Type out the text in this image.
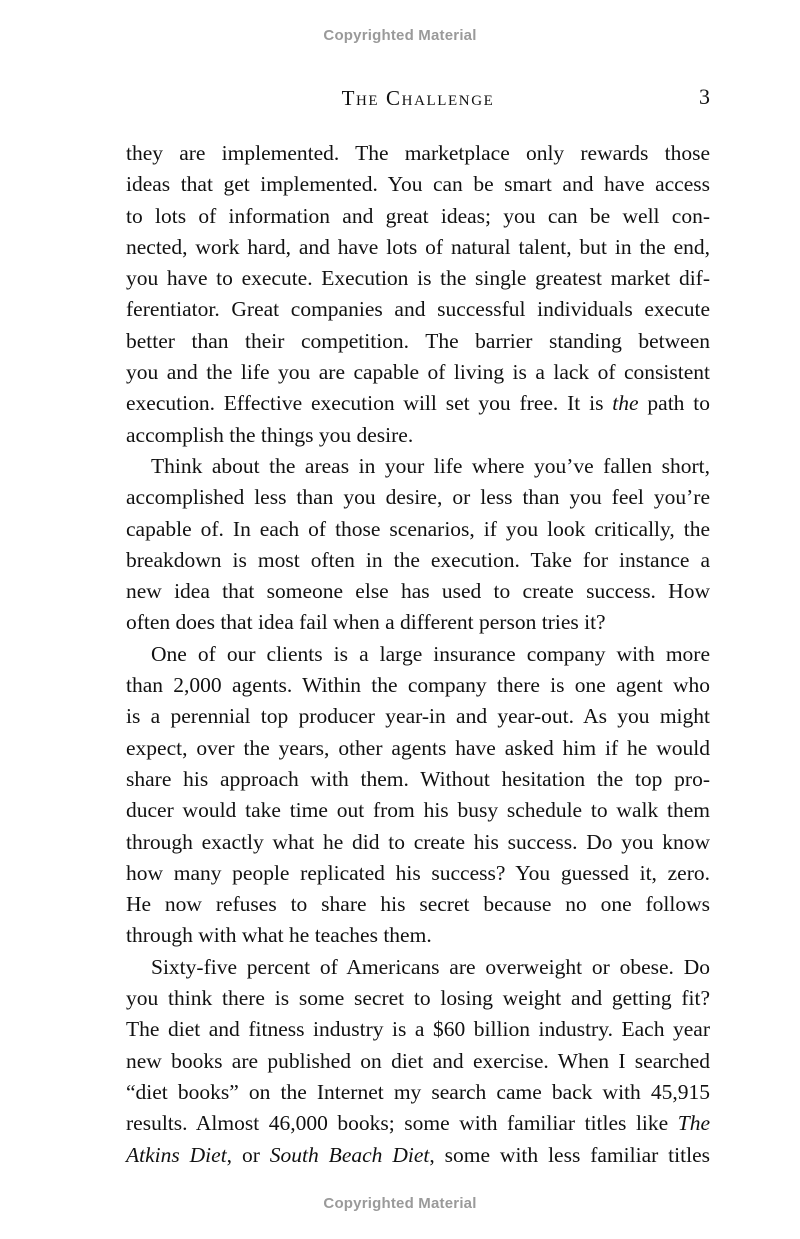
Copyrighted Material
The Challenge	3

they are implemented. The marketplace only rewards those
ideas that get implemented. You can be smart and have access
to lots of information and great ideas; you can be well con-
nected, work hard, and have lots of natural talent, but in the end,
you have to execute. Execution is the single greatest market dif-
ferentiator. Great companies and successful individuals execute
better than their competition. The barrier standing between
you and the life you are capable of living is a lack of consistent
execution. Effective execution will set you free. It is the path to
accomplish the things you desire.

Think about the areas in your life where you’ve fallen short,
accomplished less than you desire, or less than you feel you’re
capable of. In each of those scenarios, if you look critically, the
breakdown is most often in the execution. Take for instance a
new idea that someone else has used to create success. How
often does that idea fail when a different person tries it?

One of our clients is a large insurance company with more
than 2,000 agents. Within the company there is one agent who
is a perennial top producer year-in and year-out. As you might
expect, over the years, other agents have asked him if he would
share his approach with them. Without hesitation the top pro-
ducer would take time out from his busy schedule to walk them
through exactly what he did to create his success. Do you know
how many people replicated his success? You guessed it, zero.
He now refuses to share his secret because no one follows
through with what he teaches them.

Sixty-five percent of Americans are overweight or obese. Do
you think there is some secret to losing weight and getting fit?
The diet and fitness industry is a $60 billion industry. Each year
new books are published on diet and exercise. When I searched
“diet books” on the Internet my search came back with 45,915
results. Almost 46,000 books; some with familiar titles like The
Atkins Diet, or South Beach Diet, some with less familiar titles

Copyrighted Material
